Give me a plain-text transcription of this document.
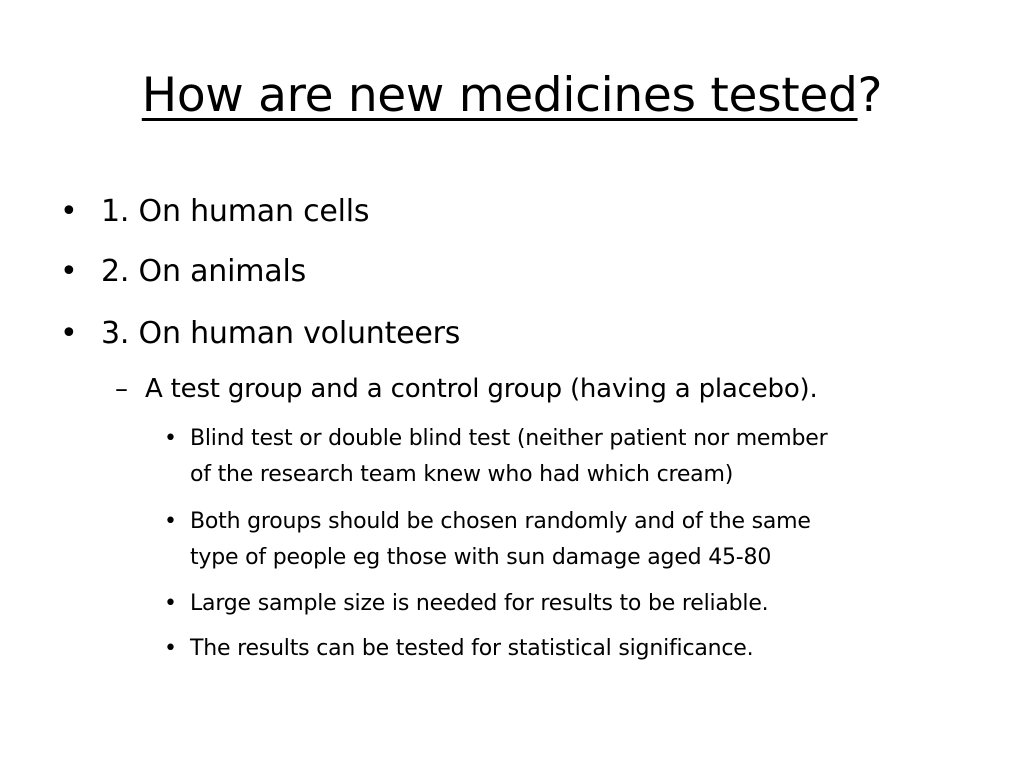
How are new medicines tested?
• 1. On human cells
• 2. On animals
• 3. On human volunteers
– A test group and a control group (having a placebo).
• Blind test or double blind test (neither patient nor member
of the research team knew who had which cream)
• Both groups should be chosen randomly and of the same
type of people eg those with sun damage aged 45-80
• Large sample size is needed for results to be reliable.
• The results can be tested for statistical significance.
